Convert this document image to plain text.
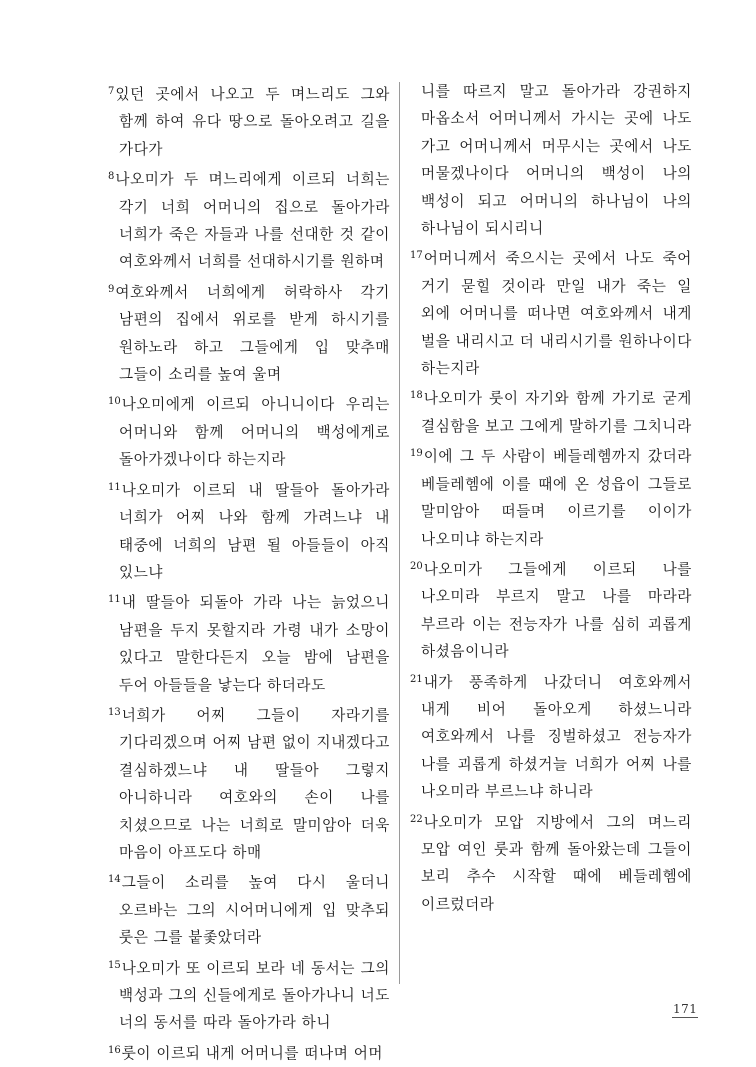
$^7$있던 곳에서 나오고 두 며느리도 그와 함께 하여 유다 땅으로 돌아오려고 길을 가다가

$^8$나오미가 두 며느리에게 이르되 너희는 각기 너희 어머니의 집으로 돌아가라 너희가 죽은 자들과 나를 선대한 것 같이 여호와께서 너희를 선대하시기를 원하며

$^9$여호와께서 너희에게 허락하사 각기 남편의 집에서 위로를 받게 하시기를 원하노라 하고 그들에게 입 맞추매 그들이 소리를 높여 울며

$^{10}$나오미에게 이르되 아니니이다 우리는 어머니와 함께 어머니의 백성에게로 돌아가겠나이다 하는지라

$^{11}$나오미가 이르되 내 딸들아 돌아가라 너희가 어찌 나와 함께 가려느냐 내 태중에 너희의 남편 될 아들들이 아직 있느냐

$^{11}$내 딸들아 되돌아 가라 나는 늙었으니 남편을 두지 못할지라 가령 내가 소망이 있다고 말한다든지 오늘 밤에 남편을 두어 아들들을 낳는다 하더라도

$^{13}$너희가 어찌 그들이 자라기를 기다리겠으며 어찌 남편 없이 지내겠다고 결심하겠느냐 내 딸들아 그렇지 아니하니라 여호와의 손이 나를 치셨으므로 나는 너희로 말미암아 더욱 마음이 아프도다 하매

$^{14}$그들이 소리를 높여 다시 울더니 오르바는 그의 시어머니에게 입 맞추되 룻은 그를 붙좇았더라

$^{15}$나오미가 또 이르되 보라 네 동서는 그의 백성과 그의 신들에게로 돌아가나니 너도 너의 동서를 따라 돌아가라 하니

$^{16}$룻이 이르되 내게 어머니를 떠나며 어머

니를 따르지 말고 돌아가라 강권하지 마옵소서 어머니께서 가시는 곳에 나도 가고 어머니께서 머무시는 곳에서 나도 머물겠나이다 어머니의 백성이 나의 백성이 되고 어머니의 하나님이 나의 하나님이 되시리니

$^{17}$어머니께서 죽으시는 곳에서 나도 죽어 거기 묻힐 것이라 만일 내가 죽는 일 외에 어머니를 떠나면 여호와께서 내게 벌을 내리시고 더 내리시기를 원하나이다 하는지라

$^{18}$나오미가 룻이 자기와 함께 가기로 굳게 결심함을 보고 그에게 말하기를 그치니라

$^{19}$이에 그 두 사람이 베들레헴까지 갔더라 베들레헴에 이를 때에 온 성읍이 그들로 말미암아 떠들며 이르기를 이이가 나오미냐 하는지라

$^{20}$나오미가 그들에게 이르되 나를 나오미라 부르지 말고 나를 마라라 부르라 이는 전능자가 나를 심히 괴롭게 하셨음이니라

$^{21}$내가 풍족하게 나갔더니 여호와께서 내게 비어 돌아오게 하셨느니라 여호와께서 나를 징벌하셨고 전능자가 나를 괴롭게 하셨거늘 너희가 어찌 나를 나오미라 부르느냐 하니라

$^{22}$나오미가 모압 지방에서 그의 며느리 모압 여인 룻과 함께 돌아왔는데 그들이 보리 추수 시작할 때에 베들레헴에 이르렀더라

171
